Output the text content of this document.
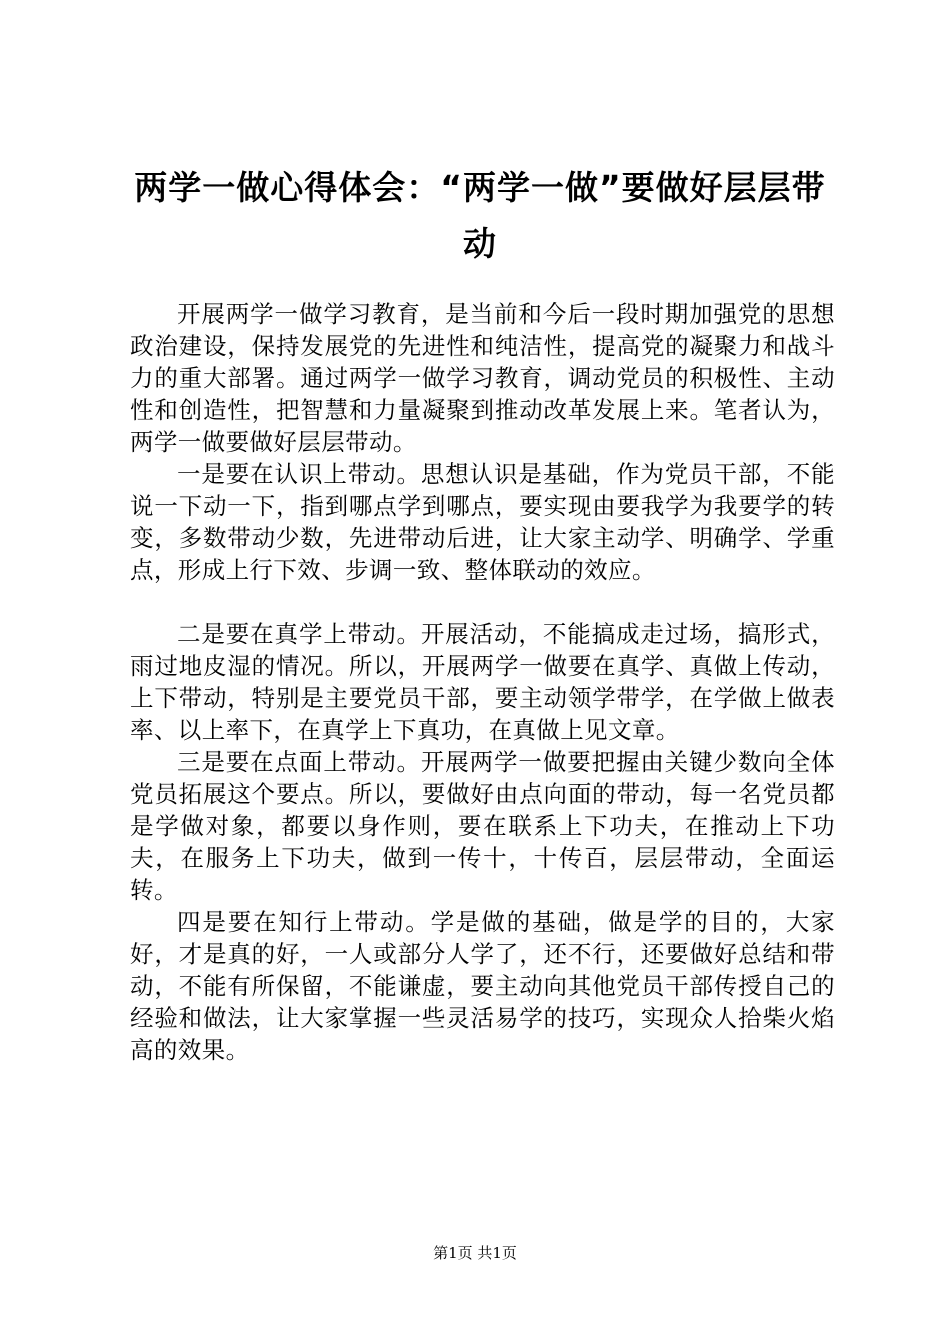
两学一做心得体会：“两学一做”要做好层层带动

开展两学一做学习教育，是当前和今后一段时期加强党的思想政治建设，保持发展党的先进性和纯洁性，提高党的凝聚力和战斗力的重大部署。通过两学一做学习教育，调动党员的积极性、主动性和创造性，把智慧和力量凝聚到推动改革发展上来。笔者认为，两学一做要做好层层带动。

一是要在认识上带动。思想认识是基础，作为党员干部，不能说一下动一下，指到哪点学到哪点，要实现由要我学为我要学的转变，多数带动少数，先进带动后进，让大家主动学、明确学、学重点，形成上行下效、步调一致、整体联动的效应。

二是要在真学上带动。开展活动，不能搞成走过场，搞形式，雨过地皮湿的情况。所以，开展两学一做要在真学、真做上传动，上下带动，特别是主要党员干部，要主动领学带学，在学做上做表率、以上率下，在真学上下真功，在真做上见文章。

三是要在点面上带动。开展两学一做要把握由关键少数向全体党员拓展这个要点。所以，要做好由点向面的带动，每一名党员都是学做对象，都要以身作则，要在联系上下功夫，在推动上下功夫，在服务上下功夫，做到一传十，十传百，层层带动，全面运转。

四是要在知行上带动。学是做的基础，做是学的目的，大家好，才是真的好，一人或部分人学了，还不行，还要做好总结和带动，不能有所保留，不能谦虚，要主动向其他党员干部传授自己的经验和做法，让大家掌握一些灵活易学的技巧，实现众人拾柴火焰高的效果。

第1页 共1页
